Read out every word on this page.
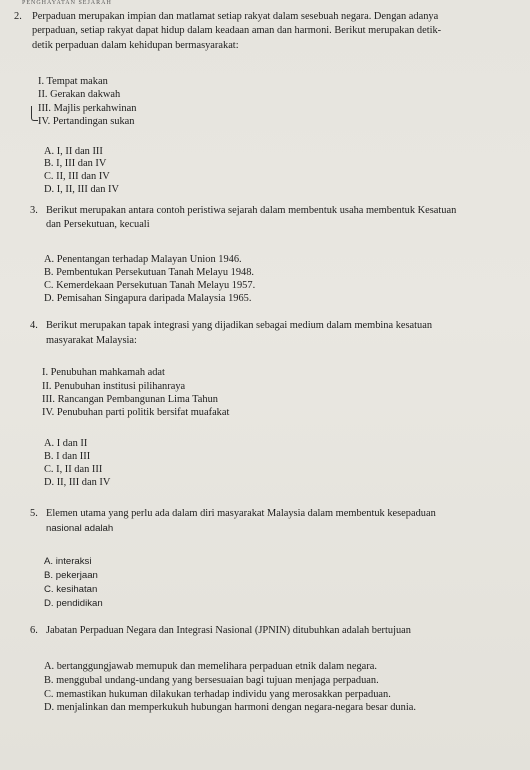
PENGHAYATAN SEJARAH
2. Perpaduan merupakan impian dan matlamat setiap rakyat dalam sesebuah negara. Dengan adanya
perpaduan, setiap rakyat dapat hidup dalam keadaan aman dan harmoni. Berikut merupakan detik-
detik perpaduan dalam kehidupan bermasyarakat:
I. Tempat makan
II. Gerakan dakwah
III. Majlis perkahwinan
IV. Pertandingan sukan
A. I, II dan III
B. I, III dan IV
C. II, III dan IV
D. I, II, III dan IV
3. Berikut merupakan antara contoh peristiwa sejarah dalam membentuk usaha membentuk Kesatuan
dan Persekutuan, kecuali
A. Penentangan terhadap Malayan Union 1946.
B. Pembentukan Persekutuan Tanah Melayu 1948.
C. Kemerdekaan Persekutuan Tanah Melayu 1957.
D. Pemisahan Singapura daripada Malaysia 1965.
4. Berikut merupakan tapak integrasi yang dijadikan sebagai medium dalam membina kesatuan
masyarakat Malaysia:
I. Penubuhan mahkamah adat
II. Penubuhan institusi pilihanraya
III. Rancangan Pembangunan Lima Tahun
IV. Penubuhan parti politik bersifat muafakat
A. I dan II
B. I dan III
C. I, II dan III
D. II, III dan IV
5. Elemen utama yang perlu ada dalam diri masyarakat Malaysia dalam membentuk kesepaduan
nasional adalah
A. interaksi
B. pekerjaan
C. kesihatan
D. pendidikan
6. Jabatan Perpaduan Negara dan Integrasi Nasional (JPNIN) ditubuhkan adalah bertujuan
A. bertanggungjawab memupuk dan memelihara perpaduan etnik dalam negara.
B. menggubal undang-undang yang bersesuaian bagi tujuan menjaga perpaduan.
C. memastikan hukuman dilakukan terhadap individu yang merosakkan perpaduan.
D. menjalinkan dan memperkukuh hubungan harmoni dengan negara-negara besar dunia.
